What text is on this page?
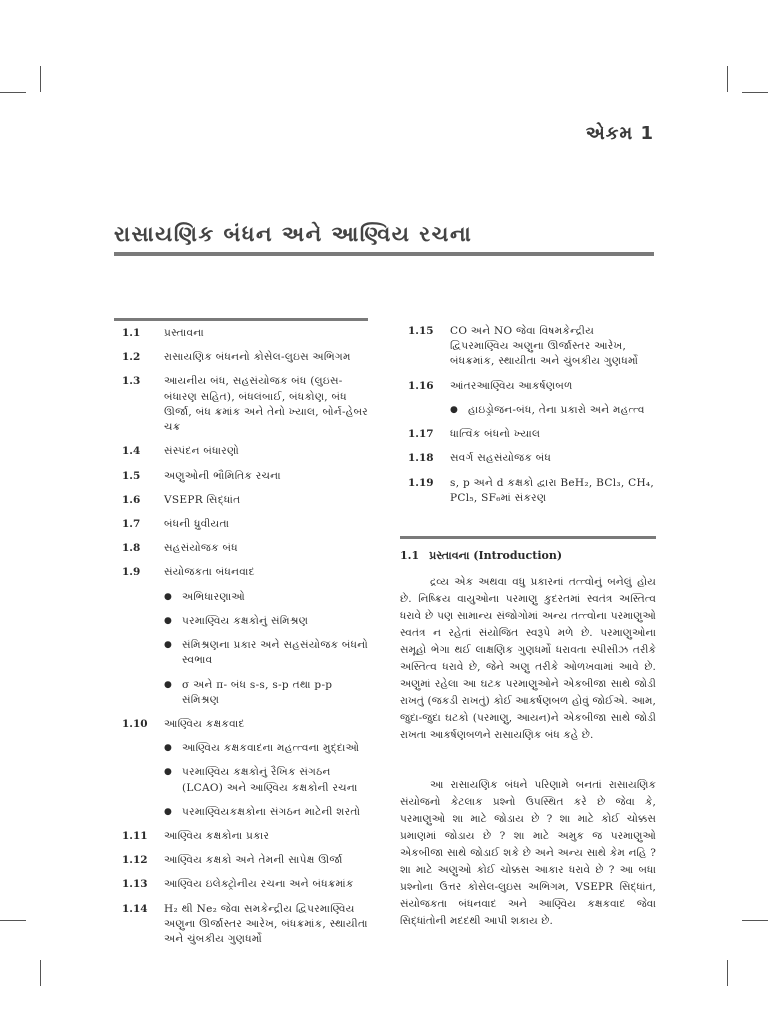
એકમ 1
રાસાયણિક બંધન અને આણ્વિય રચના
1.1	પ્રસ્તાવના
1.2	રાસાયણિક બંધનનો કોસેલ-લુઇસ અભિગમ
1.3	આયનીય બંધ, સહસંયોજક બંધ (લુઇસ-બંધારણ સહિત), બંધલંબાઈ, બંધકોણ, બંધ ઊર્જા, બંધ ક્રમાંક અને તેનો ખ્યાલ, બોર્ન-હેબર ચક્ર
1.4	સંસ્પંદન બંધારણો
1.5	અણુઓની ભૌમિતિક રચના
1.6	VSEPR સિદ્ધાંત
1.7	બંધની ધ્રુવીયતા
1.8	સહસંયોજક બંધ
1.9	સંયોજકતા બંધનવાદ
● અભિધારણાઓ
● પરમાણ્વિય કક્ષકોનું સંમિશ્રણ
● સંમિશ્રણના પ્રકાર અને સહસંયોજક બંધનો સ્વભાવ
● σ અને π- બંધ s-s, s-p તથા p-p સંમિશ્રણ
1.10	આણ્વિય કક્ષકવાદ
● આણ્વિય કક્ષકવાદના મહત્ત્વના મુદ્દાઓ
● પરમાણ્વિય કક્ષકોનું રૈખિક સંગઠન (LCAO) અને આણ્વિય કક્ષકોની રચના
● પરમાણ્વિયકક્ષકોના સંગઠન માટેની શરતો
1.11	આણ્વિય કક્ષકોના પ્રકાર
1.12	આણ્વિય કક્ષકો અને તેમની સાપેક્ષ ઊર્જા
1.13	આણ્વિય ઇલેક્ટ્રોનીય રચના અને બંધક્રમાંક
1.14	H₂ થી Ne₂ જેવા સમકેન્દ્રીય દ્વિપરમાણ્વિય અણુના ઊર્જાસ્તર આરેખ, બંધક્રમાંક, સ્થાયીતા અને ચુંબકીય ગુણધર્મો
1.15	CO અને NO જેવા વિષમકેન્દ્રીય દ્વિપરમાણ્વિય અણુના ઊર્જાસ્તર આરેખ, બંધક્રમાંક, સ્થાયીતા અને ચુંબકીય ગુણધર્મો
1.16	આંતરઆણ્વિય આકર્ષણબળ
● હાઇડ્રોજન-બંધ, તેના પ્રકારો અને મહત્ત્વ
1.17	ધાત્વિક બંધનો ખ્યાલ
1.18	સવર્ગ સહસંયોજક બંધ
1.19	s, p અને d કક્ષકો દ્વારા BeH₂, BCl₃, CH₄, PCl₅, SF₆માં સંકરણ
1.1 પ્રસ્તાવના (Introduction)
દ્રવ્ય એક અથવા વધુ પ્રકારનાં તત્ત્વોનું બનેલું હોય છે. નિષ્ક્રિય વાયુઓના પરમાણુ કુદરતમાં સ્વતંત્ર અસ્તિત્વ ધરાવે છે પણ સામાન્ય સંજોગોમાં અન્ય તત્ત્વોના પરમાણુઓ સ્વતંત્ર ન રહેતાં સંયોજિત સ્વરૂપે મળે છે. પરમાણુઓના સમૂહો ભેગા થઈ લાક્ષણિક ગુણધર્મો ધરાવતા સ્પીસીઝ તરીકે અસ્તિત્વ ધરાવે છે, જેને અણુ તરીકે ઓળખવામાં આવે છે. અણુમાં રહેલા આ ઘટક પરમાણુઓને એકબીજા સાથે જોડી રાખતું (જકડી રાખતું) કોઈ આકર્ષણબળ હોવું જોઈએ. આમ, જુદા-જુદા ઘટકો (પરમાણુ, આયન)ને એકબીજા સાથે જોડી રાખતા આકર્ષણબળને રાસાયણિક બંધ કહે છે.
આ રાસાયણિક બંધને પરિણામે બનતાં રાસાયણિક સંયોજનો કેટલાક પ્રશ્નો ઉપસ્થિત કરે છે જેવા કે, પરમાણુઓ શા માટે જોડાય છે ? શા માટે કોઈ ચોક્કસ પ્રમાણમાં જોડાય છે ? શા માટે અમુક જ પરમાણુઓ એકબીજા સાથે જોડાઈ શકે છે અને અન્ય સાથે કેમ નહિ ? શા માટે અણુઓ કોઈ ચોક્કસ આકાર ધરાવે છે ? આ બધા પ્રશ્નોના ઉત્તર કોસેલ-લુઇસ અભિગમ, VSEPR સિદ્ધાંત, સંયોજકતા બંધનવાદ અને આણ્વિય કક્ષકવાદ જેવા સિદ્ધાંતોની મદદથી આપી શકાય છે.
